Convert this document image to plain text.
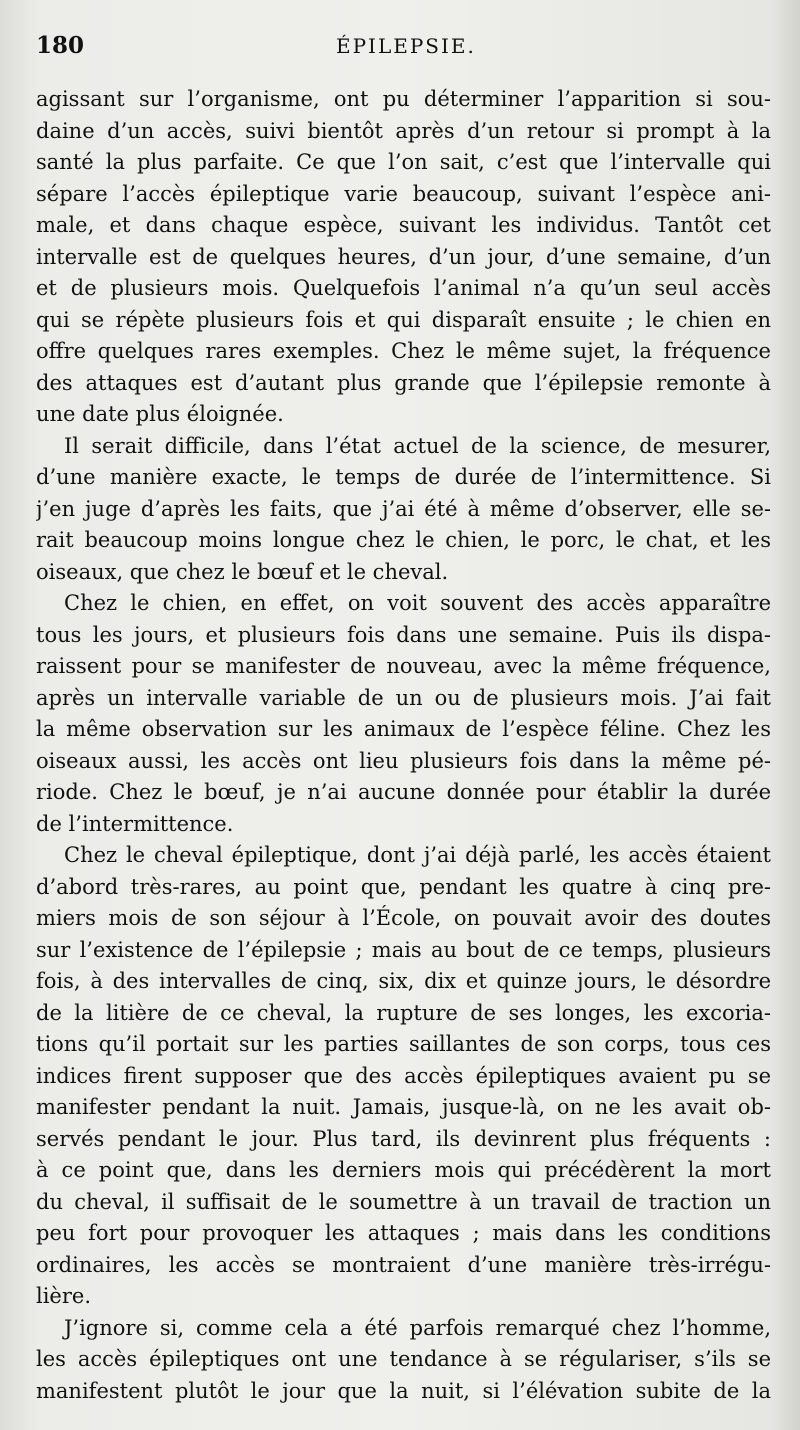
180	ÉPILEPSIE.
agissant sur l’organisme, ont pu déterminer l’apparition si sou-
daine d’un accès, suivi bientôt après d’un retour si prompt à la
santé la plus parfaite. Ce que l’on sait, c’est que l’intervalle qui
sépare l’accès épileptique varie beaucoup, suivant l’espèce ani-
male, et dans chaque espèce, suivant les individus. Tantôt cet
intervalle est de quelques heures, d’un jour, d’une semaine, d’un
et de plusieurs mois. Quelquefois l’animal n’a qu’un seul accès
qui se répète plusieurs fois et qui disparaît ensuite ; le chien en
offre quelques rares exemples. Chez le même sujet, la fréquence
des attaques est d’autant plus grande que l’épilepsie remonte à
une date plus éloignée.
Il serait difficile, dans l’état actuel de la science, de mesurer,
d’une manière exacte, le temps de durée de l’intermittence. Si
j’en juge d’après les faits, que j’ai été à même d’observer, elle se-
rait beaucoup moins longue chez le chien, le porc, le chat, et les
oiseaux, que chez le bœuf et le cheval.
Chez le chien, en effet, on voit souvent des accès apparaître
tous les jours, et plusieurs fois dans une semaine. Puis ils dispa-
raissent pour se manifester de nouveau, avec la même fréquence,
après un intervalle variable de un ou de plusieurs mois. J’ai fait
la même observation sur les animaux de l’espèce féline. Chez les
oiseaux aussi, les accès ont lieu plusieurs fois dans la même pé-
riode. Chez le bœuf, je n’ai aucune donnée pour établir la durée
de l’intermittence.
Chez le cheval épileptique, dont j’ai déjà parlé, les accès étaient
d’abord très-rares, au point que, pendant les quatre à cinq pre-
miers mois de son séjour à l’École, on pouvait avoir des doutes
sur l’existence de l’épilepsie ; mais au bout de ce temps, plusieurs
fois, à des intervalles de cinq, six, dix et quinze jours, le désordre
de la litière de ce cheval, la rupture de ses longes, les excoria-
tions qu’il portait sur les parties saillantes de son corps, tous ces
indices firent supposer que des accès épileptiques avaient pu se
manifester pendant la nuit. Jamais, jusque-là, on ne les avait ob-
servés pendant le jour. Plus tard, ils devinrent plus fréquents :
à ce point que, dans les derniers mois qui précédèrent la mort
du cheval, il suffisait de le soumettre à un travail de traction un
peu fort pour provoquer les attaques ; mais dans les conditions
ordinaires, les accès se montraient d’une manière très-irrégu-
lière.
J’ignore si, comme cela a été parfois remarqué chez l’homme,
les accès épileptiques ont une tendance à se régulariser, s’ils se
manifestent plutôt le jour que la nuit, si l’élévation subite de la
